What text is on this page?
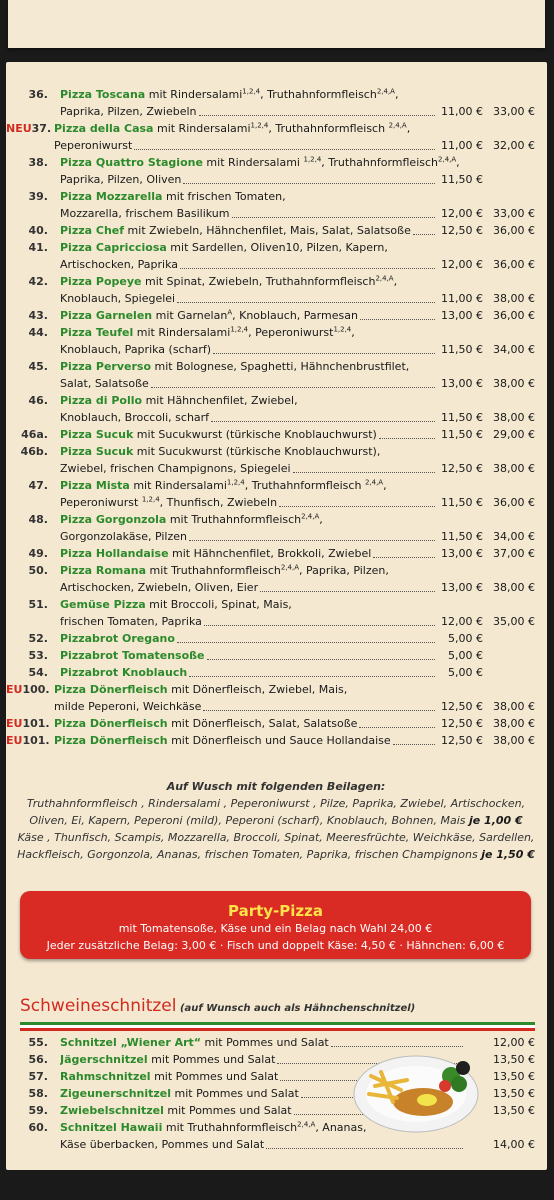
36.	Pizza Toscana mit Rindersalami$^{1,2,4}$, Truthahnformfleisch$^{2,4,A}$,
Paprika, Pilzen, Zwiebeln	11,00 € 33,00 €
NEU37. Pizza della Casa mit Rindersalami$^{1,2,4}$, Truthahnformfleisch $^{2,4,A}$,
Peperoniwurst	11,00 € 32,00 €
38.	Pizza Quattro Stagione mit Rindersalami $^{1,2,4}$, Truthahnformfleisch$^{2,4,A}$,
Paprika, Pilzen, Oliven	11,50 €
39.	Pizza Mozzarella mit frischen Tomaten,
Mozzarella, frischem Basilikum	12,00 € 33,00 €
40.	Pizza Chef mit Zwiebeln, Hähnchenfilet, Mais, Salat, Salatsoße	12,50 € 36,00 €
41.	Pizza Capricciosa mit Sardellen, Oliven10, Pilzen, Kapern,
Artischocken, Paprika	12,00 € 36,00 €
42.	Pizza Popeye mit Spinat, Zwiebeln, Truthahnformfleisch$^{2,4,A}$,
Knoblauch, Spiegelei	11,00 € 38,00 €
43.	Pizza Garnelen mit Garnelan$^A$, Knoblauch, Parmesan	13,00 € 36,00 €
44.	Pizza Teufel mit Rindersalami$^{1,2,4}$, Peperoniwurst$^{1,2,4}$,
Knoblauch, Paprika (scharf)	11,50 € 34,00 €
45.	Pizza Perverso mit Bolognese, Spaghetti, Hähnchenbrustfilet,
Salat, Salatsoße	13,00 € 38,00 €
46.	Pizza di Pollo mit Hähnchenfilet, Zwiebel,
Knoblauch, Broccoli, scharf	11,50 € 38,00 €
46a.	Pizza Sucuk mit Sucukwurst (türkische Knoblauchwurst)	11,50 € 29,00 €
46b.	Pizza Sucuk mit Sucukwurst (türkische Knoblauchwurst),
Zwiebel, frischen Champignons, Spiegelei	12,50 € 38,00 €
47.	Pizza Mista mit Rindersalami$^{1,2,4}$, Truthahnformfleisch $^{2,4,A}$,
Peperoniwurst $^{1,2,4}$, Thunfisch, Zwiebeln	11,50 € 36,00 €
48.	Pizza Gorgonzola mit Truthahnformfleisch$^{2,4,A}$,
Gorgonzolakäse, Pilzen	11,50 € 34,00 €
49.	Pizza Hollandaise mit Hähnchenfilet, Brokkoli, Zwiebel	13,00 € 37,00 €
50.	Pizza Romana mit Truthahnformfleisch$^{2,4,A}$, Paprika, Pilzen,
Artischocken, Zwiebeln, Oliven, Eier	13,00 € 38,00 €
51.	Gemüse Pizza mit Broccoli, Spinat, Mais,
frischen Tomaten, Paprika	12,00 € 35,00 €
52.	Pizzabrot Oregano	5,00 €
53.	Pizzabrot Tomatensoße	5,00 €
54.	Pizzabrot Knoblauch	5,00 €
EU100. Pizza Dönerfleisch mit Dönerfleisch, Zwiebel, Mais,
milde Peperoni, Weichkäse	12,50 € 38,00 €
EU101. Pizza Dönerfleisch mit Dönerfleisch, Salat, Salatsoße	12,50 € 38,00 €
EU101. Pizza Dönerfleisch mit Dönerfleisch und Sauce Hollandaise	12,50 € 38,00 €
Auf Wusch mit folgenden Beilagen:
Truthahnformfleisch , Rindersalami , Peperoniwurst , Pilze, Paprika, Zwiebel, Artischocken,
Oliven, Ei, Kapern, Peperoni (mild), Peperoni (scharf), Knoblauch, Bohnen, Mais je 1,00 €
Käse , Thunfisch, Scampis, Mozzarella, Broccoli, Spinat, Meeresfrüchte, Weichkäse, Sardellen,
Hackfleisch, Gorgonzola, Ananas, frischen Tomaten, Paprika, frischen Champignons je 1,50 €
Party-Pizza
mit Tomatensoße, Käse und ein Belag nach Wahl 24,00 €
Jeder zusätzliche Belag: 3,00 € · Fisch und doppelt Käse: 4,50 € · Hähnchen: 6,00 €
Schweineschnitzel (auf Wunsch auch als Hähnchenschnitzel)
55.	Schnitzel „Wiener Art“ mit Pommes und Salat	12,00 €
56.	Jägerschnitzel mit Pommes und Salat	13,50 €
57.	Rahmschnitzel mit Pommes und Salat	13,50 €
58.	Zigeunerschnitzel mit Pommes und Salat	13,50 €
59.	Zwiebelschnitzel mit Pommes und Salat	13,50 €
60.	Schnitzel Hawaii mit Truthahnformfleisch$^{2,4,A}$, Ananas,
Käse überbacken, Pommes und Salat	14,00 €
